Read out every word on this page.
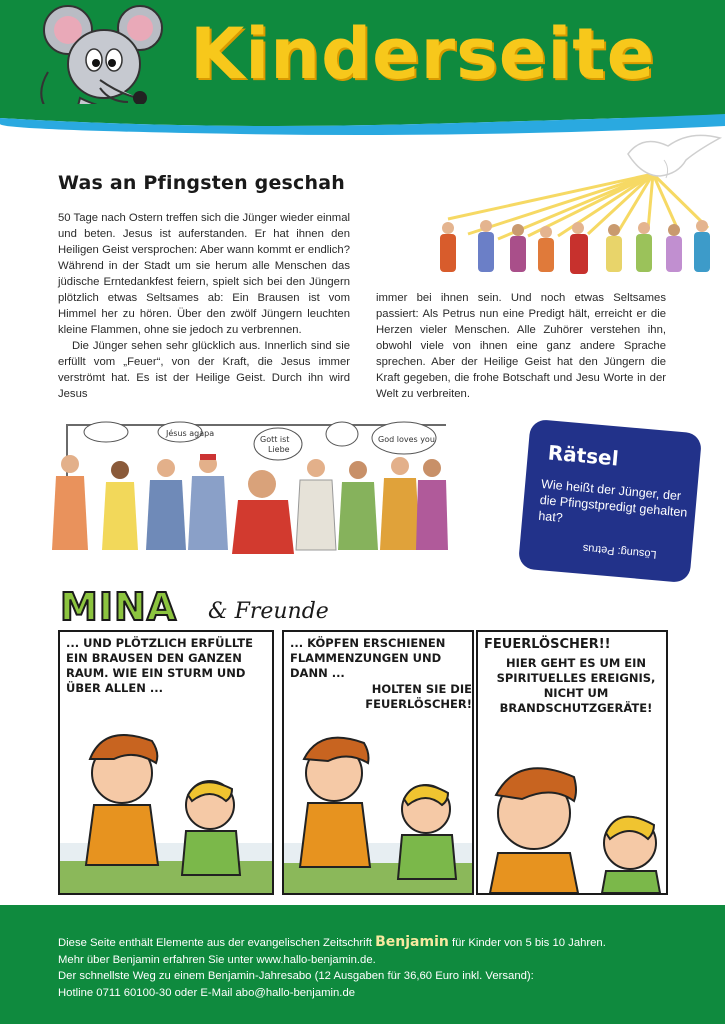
Kinderseite
Was an Pfingsten geschah

50 Tage nach Ostern treffen sich die Jünger wieder einmal und beten. Jesus ist auferstanden. Er hat ihnen den Heiligen Geist versprochen: Aber wann kommt er endlich? Während in der Stadt um sie herum alle Menschen das jüdische Erntedankfest feiern, spielt sich bei den Jüngern plötzlich etwas Seltsames ab: Ein Brausen ist vom Himmel her zu hören. Über den zwölf Jüngern leuchten kleine Flammen, ohne sie jedoch zu verbrennen.

Die Jünger sehen sehr glücklich aus. Innerlich sind sie erfüllt vom „Feuer“, von der Kraft, die Jesus immer verströmt hat. Es ist der Heilige Geist. Durch ihn wird Jesus

immer bei ihnen sein. Und noch etwas Seltsames passiert: Als Petrus nun eine Predigt hält, erreicht er die Herzen vieler Menschen. Alle Zuhörer verstehen ihn, obwohl viele von ihnen eine ganz andere Sprache sprechen. Aber der Heilige Geist hat den Jüngern die Kraft gegeben, die frohe Botschaft und Jesu Worte in der Welt zu verbreiten.

Jésus agapa
Gott ist
Liebe
God loves you
Rätsel
Wie heißt der Jünger, der die Pfingstpredigt gehalten hat?
Lösung: Petrus
MINA & Freunde
... UND PLÖTZLICH ERFÜLLTE EIN BRAUSEN DEN GANZEN RAUM. WIE EIN STURM UND ÜBER ALLEN ...
... KÖPFEN ERSCHIENEN FLAMMENZUNGEN UND DANN ...
HOLTEN SIE DIE FEUERLÖSCHER!
FEUERLÖSCHER!!
HIER GEHT ES UM EIN SPIRITUELLES EREIGNIS, NICHT UM BRANDSCHUTZGERÄTE!
Diese Seite enthält Elemente aus der evangelischen Zeitschrift Benjamin für Kinder von 5 bis 10 Jahren.
Mehr über Benjamin erfahren Sie unter www.hallo-benjamin.de.
Der schnellste Weg zu einem Benjamin-Jahresabo (12 Ausgaben für 36,60 Euro inkl. Versand):
Hotline 0711 60100-30 oder E-Mail abo@hallo-benjamin.de
